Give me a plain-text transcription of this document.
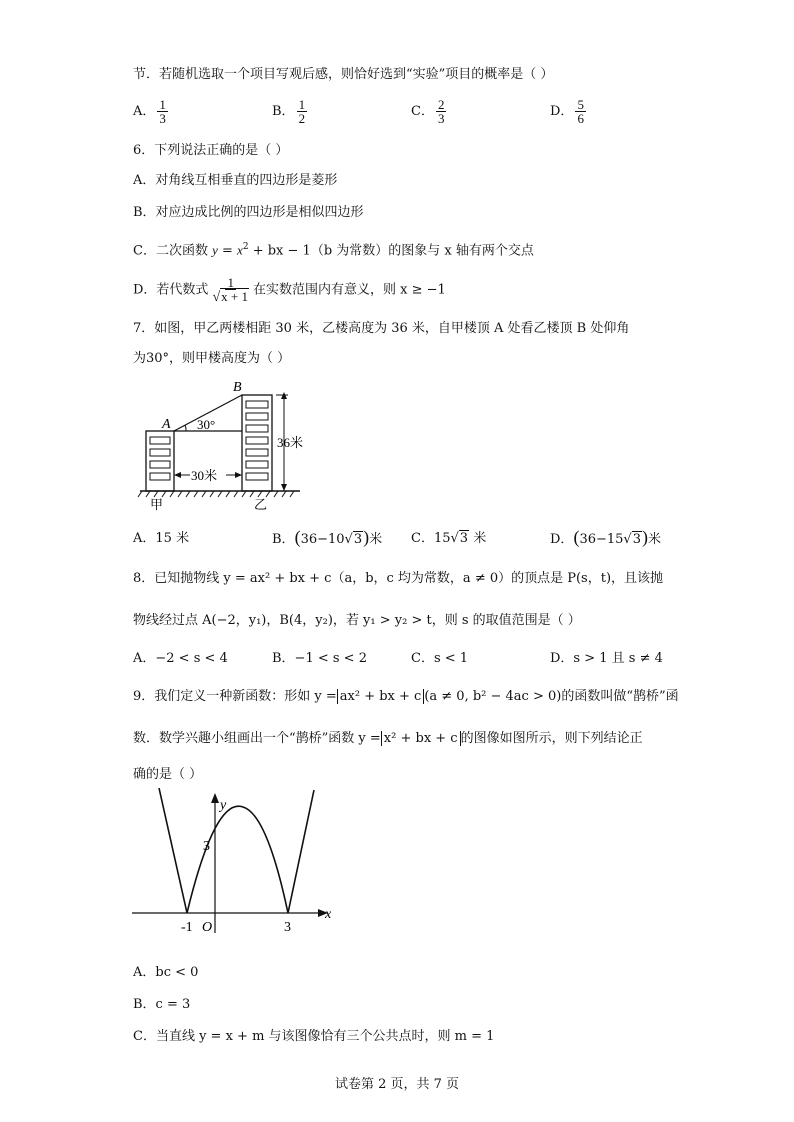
节．若随机选取一个项目写观后感，则恰好选到“实验”项目的概率是（ ）
A． $\frac{1}{3}$	B． $\frac{1}{2}$	C． $\frac{2}{3}$	D． $\frac{5}{6}$
6．下列说法正确的是（ ）
A．对角线互相垂直的四边形是菱形
B．对应边成比例的四边形是相似四边形
C．二次函数 $y = x^2$ + bx − 1（b 为常数）的图象与 x 轴有两个交点
D．若代数式 $\frac{1}{√x + 1}$ 在实数范围内有意义，则 x ≥ −1
7．如图，甲乙两楼相距 30 米，乙楼高度为 36 米，自甲楼顶 A 处看乙楼顶 B 处仰角
为30°，则甲楼高度为（ ）
A
B
30°
30米
36米
甲	乙
A．15 米	B．(36−10√3)米 C．15√3 米	D．(36−15√3)米
8．已知抛物线 y = ax² + bx + c（a，b，c 均为常数，a ≠ 0）的顶点是 P(s，t)，且该抛
物线经过点 A(−2，y₁)，B(4，y₂)，若 y₁ > y₂ > t，则 s 的取值范围是（ ）
A．−2 < s < 4	B．−1 < s < 2	C．s < 1	D．s > 1 且 s ≠ 4
9．我们定义一种新函数：形如 y = ax² + bx + c (a ≠ 0, b² − 4ac > 0)的函数叫做“鹊桥”函
数．数学兴趣小组画出一个“鹊桥”函数 y = x² + bx + c 的图像如图所示，则下列结论正
确的是（ ）
y
x
3
-1 O	3
A．bc < 0
B．c = 3
C．当直线 y = x + m 与该图像恰有三个公共点时，则 m = 1
试卷第 2 页，共 7 页
